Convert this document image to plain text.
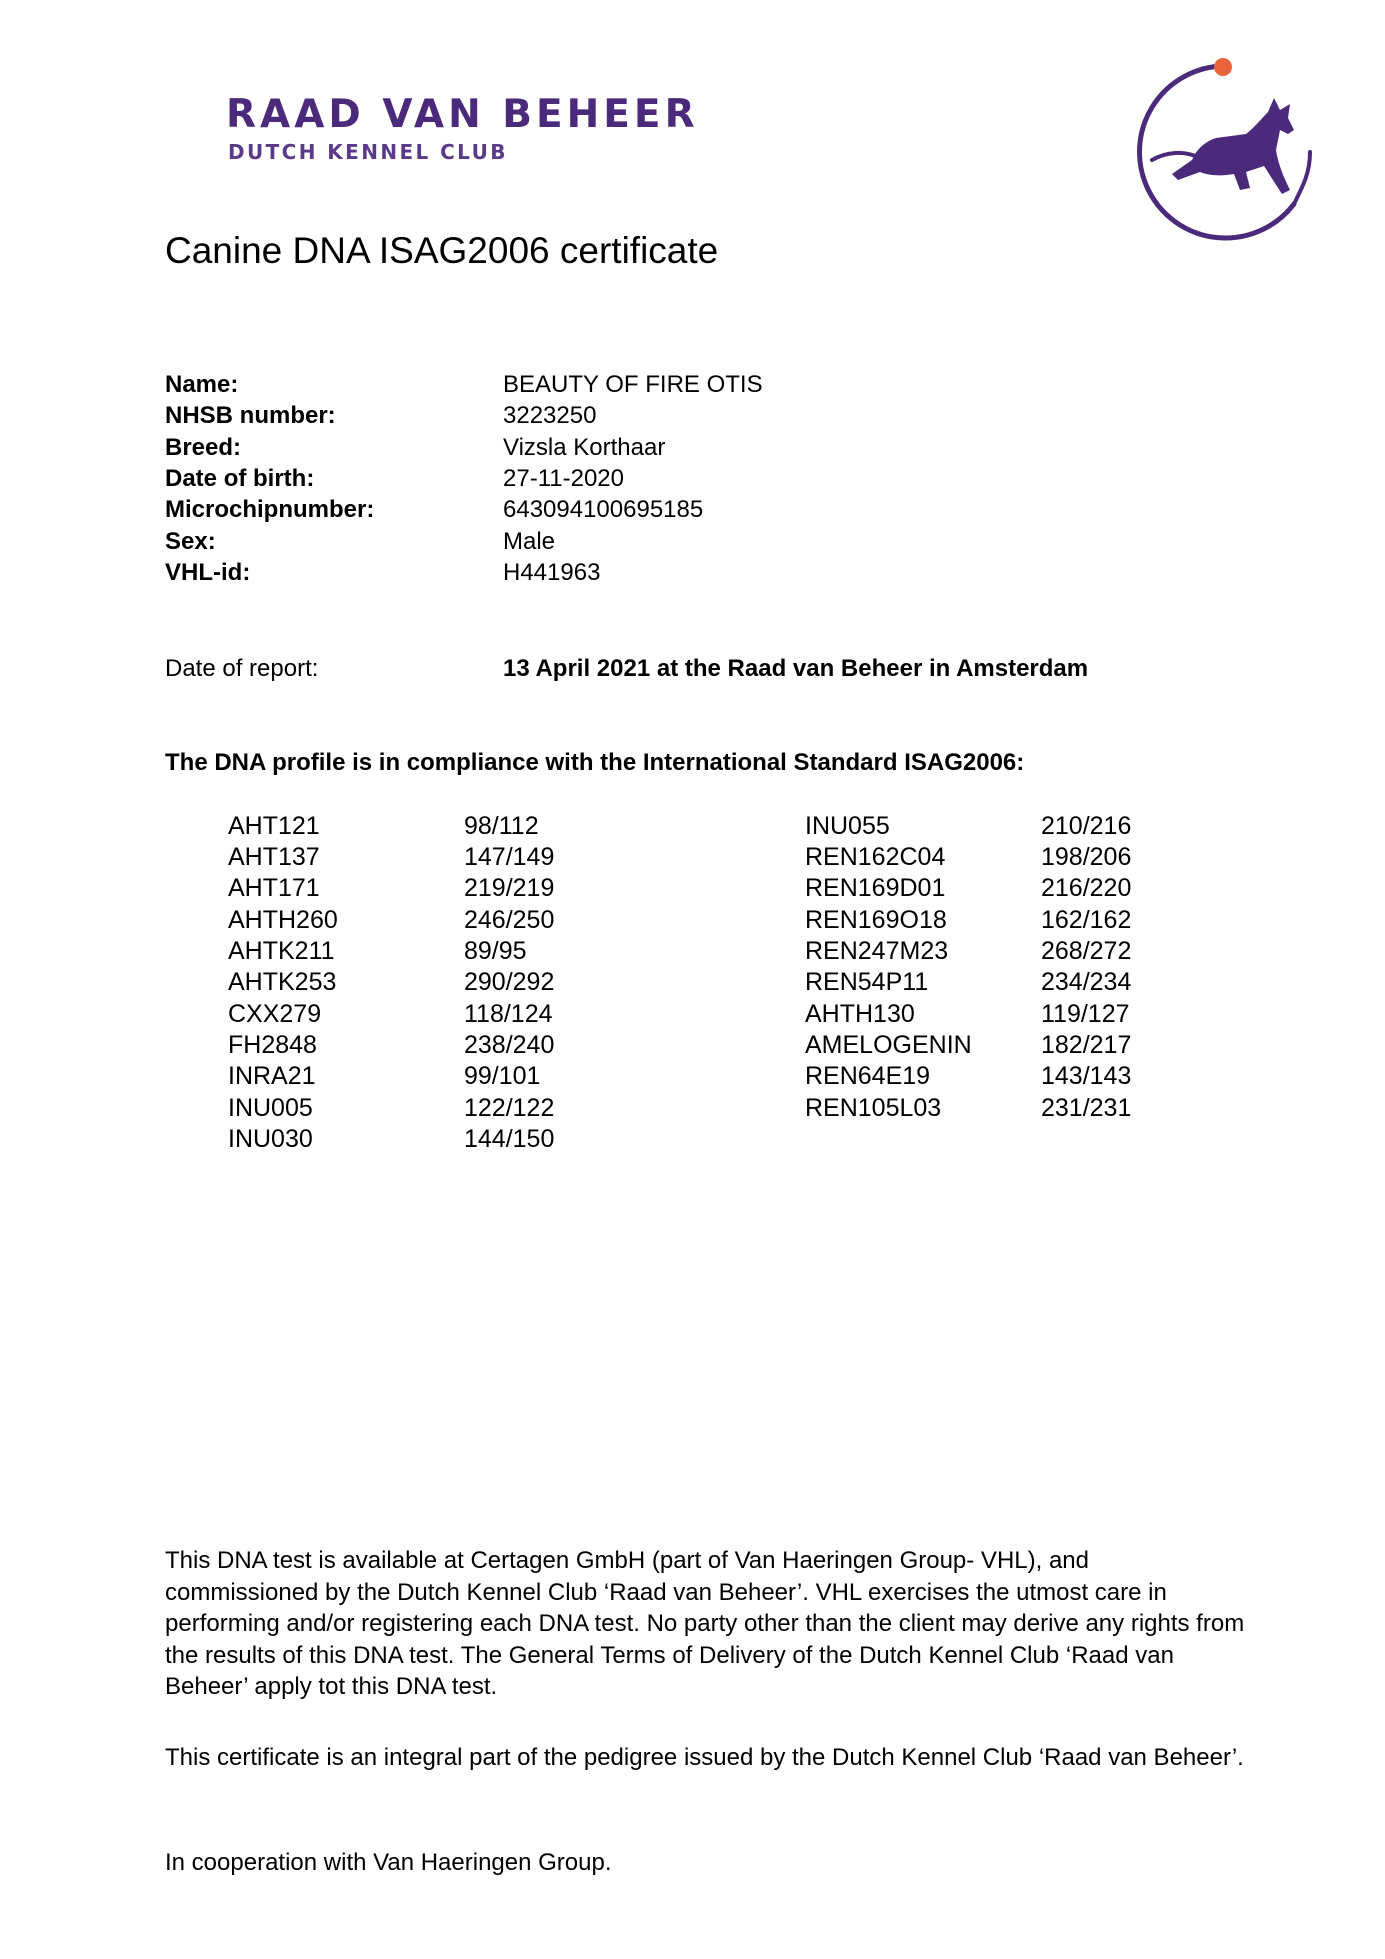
RAAD VAN BEHEER
DUTCH KENNEL CLUB
Canine DNA ISAG2006 certificate
Name:	BEAUTY OF FIRE OTIS
NHSB number:	3223250
Breed:	Vizsla Korthaar
Date of birth:	27-11-2020
Microchipnumber:	643094100695185
Sex:	Male
VHL-id:	H441963
Date of report:	13 April 2021 at the Raad van Beheer in Amsterdam
The DNA profile is in compliance with the International Standard ISAG2006:
AHT121	98/112
AHT137	147/149
AHT171	219/219
AHTH260	246/250
AHTK211	89/95
AHTK253	290/292
CXX279	118/124
FH2848	238/240
INRA21	99/101
INU005	122/122
INU030	144/150
INU055	210/216
REN162C04	198/206
REN169D01	216/220
REN169O18	162/162
REN247M23	268/272
REN54P11	234/234
AHTH130	119/127
AMELOGENIN	182/217
REN64E19	143/143
REN105L03	231/231
This DNA test is available at Certagen GmbH (part of Van Haeringen Group- VHL), and commissioned by the Dutch Kennel Club ‘Raad van Beheer’. VHL exercises the utmost care in performing and/or registering each DNA test. No party other than the client may derive any rights from the results of this DNA test. The General Terms of Delivery of the Dutch Kennel Club ‘Raad van Beheer’ apply tot this DNA test.
This certificate is an integral part of the pedigree issued by the Dutch Kennel Club ‘Raad van Beheer’.
In cooperation with Van Haeringen Group.
